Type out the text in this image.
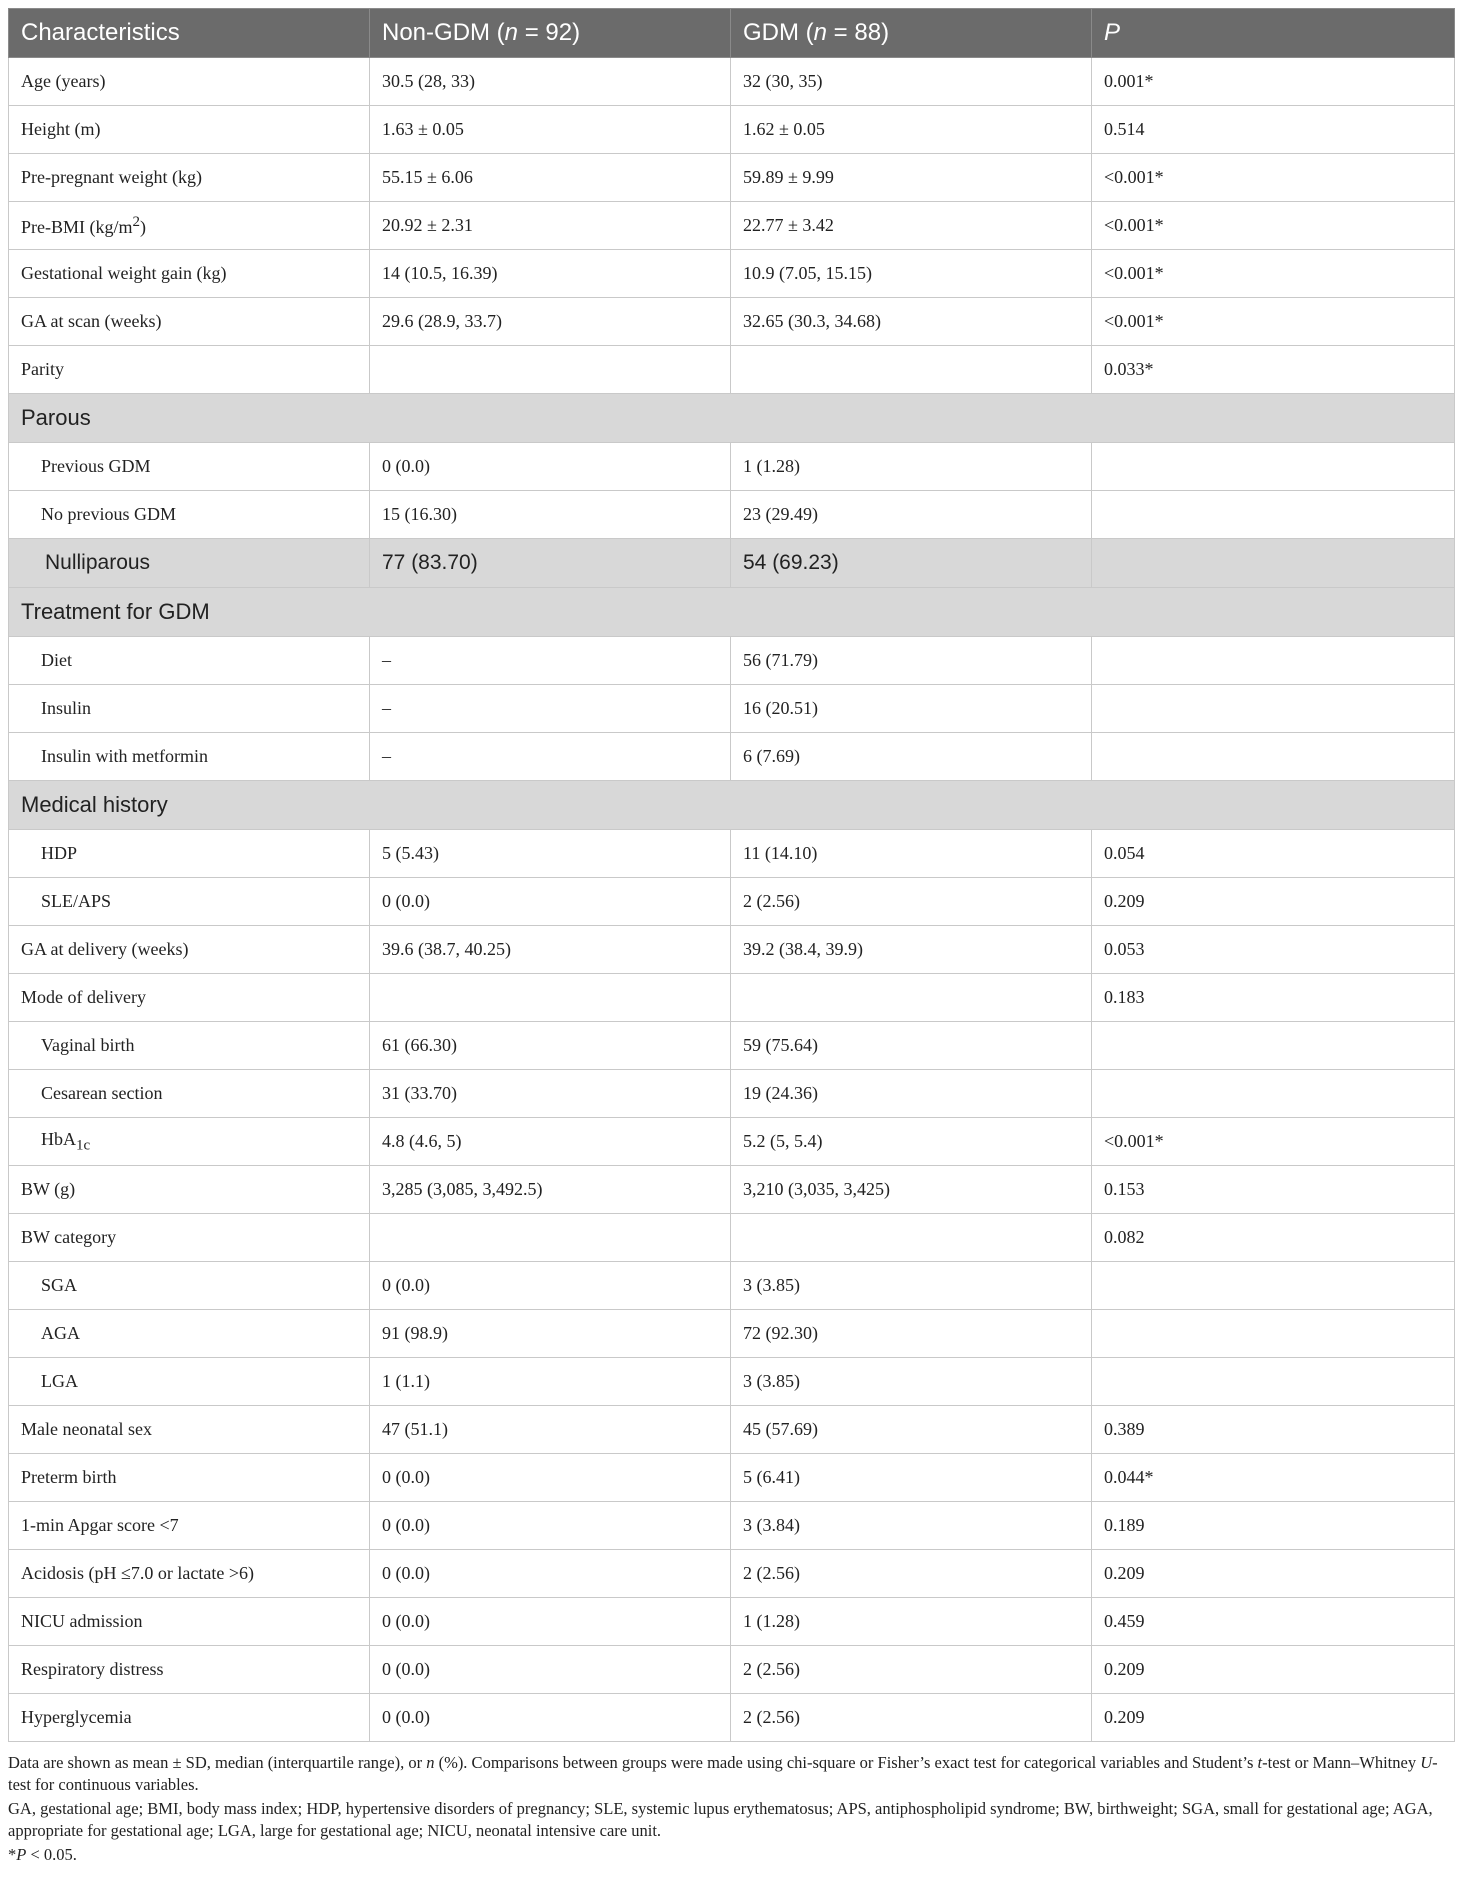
Characteristics	Non-GDM (n = 92)	GDM (n = 88)	P
Age (years)	30.5 (28, 33)	32 (30, 35)	0.001*
Height (m)	1.63 ± 0.05	1.62 ± 0.05	0.514
Pre-pregnant weight (kg)	55.15 ± 6.06	59.89 ± 9.99	<0.001*
Pre-BMI $(kg/m^2)$	20.92 ± 2.31	22.77 ± 3.42	<0.001*
Gestational weight gain (kg)	14 (10.5, 16.39)	10.9 (7.05, 15.15)	<0.001*
GA at scan (weeks)	29.6 (28.9, 33.7)	32.65 (30.3, 34.68)	<0.001*
Parity			0.033*
Parous			
Previous GDM	0 (0.0)	1 (1.28)	
No previous GDM	15 (16.30)	23 (29.49)	
Nulliparous	77 (83.70)	54 (69.23)	
Treatment for GDM			
Diet	–	56 (71.79)	
Insulin	–	16 (20.51)	
Insulin with metformin	–	6 (7.69)	
Medical history			
HDP	5 (5.43)	11 (14.10)	0.054
SLE/APS	0 (0.0)	2 (2.56)	0.209
GA at delivery (weeks)	39.6 (38.7, 40.25)	39.2 (38.4, 39.9)	0.053
Mode of delivery			0.183
Vaginal birth	61 (66.30)	59 (75.64)	
Cesarean section	31 (33.70)	19 (24.36)	
HbA$_{1c}$	4.8 (4.6, 5)	5.2 (5, 5.4)	<0.001*
BW (g)	3,285 (3,085, 3,492.5)	3,210 (3,035, 3,425)	0.153
BW category			0.082
SGA	0 (0.0)	3 (3.85)	
AGA	91 (98.9)	72 (92.30)	
LGA	1 (1.1)	3 (3.85)	
Male neonatal sex	47 (51.1)	45 (57.69)	0.389
Preterm birth	0 (0.0)	5 (6.41)	0.044*
1-min Apgar score <7	0 (0.0)	3 (3.84)	0.189
Acidosis (pH ≤7.0 or lactate >6)	0 (0.0)	2 (2.56)	0.209
NICU admission	0 (0.0)	1 (1.28)	0.459
Respiratory distress	0 (0.0)	2 (2.56)	0.209
Hyperglycemia	0 (0.0)	2 (2.56)	0.209

Data are shown as mean ± SD, median (interquartile range), or n (%). Comparisons between groups were made using chi-square or Fisher’s exact test for categorical variables and Student’s t-test or Mann–Whitney U-test for continuous variables.

GA, gestational age; BMI, body mass index; HDP, hypertensive disorders of pregnancy; SLE, systemic lupus erythematosus; APS, antiphospholipid syndrome; BW, birthweight; SGA, small for gestational age; AGA, appropriate for gestational age; LGA, large for gestational age; NICU, neonatal intensive care unit.

*P < 0.05.
